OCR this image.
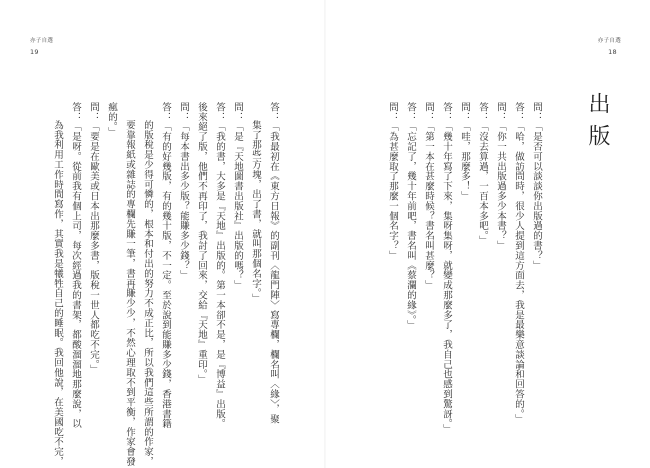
亦子自選
19
亦子自選
18
出版
問：「是否可以談談你出版過的書？」
答：「哈，做訪問時，很少人提到這方面去，我是最樂意談論和回答的。」
問：「你一共出版過多少本書？」
答：「沒去算過，一百本多吧。」
問：「哇，那麼多！」
答：「幾十年寫了下來，集呀集呀，就變成那麼多了，我自己也感到驚訝。」
問：「第一本在甚麼時候？書名叫甚麼？」
答：「忘記了，幾十年前吧，書名叫《蔡瀾的緣》。」
問：「為甚麼取了那麼一個名字？」
答：「我最初在《東方日報》的副刊〈龍門陣〉寫專欄，欄名叫〈緣〉，聚
集了那些方塊，出了書，就叫那個名字。」
問：「是『天地圖書出版社』出版的嗎？」
答：「我的書，大多是『天地』出版的。第一本卻不是，是『博益』出版。
後來絕了版，他們不再印了，我討了回來，交給『天地』重印。」
問：「每本書出多少版？能賺多少錢？」
答：「有的好幾版，有的幾十版，不一定。至於說到能賺多少錢，香港書籍
的版稅是少得可憐的，根本和付出的努力不成正比，所以我們這些所謂的作家，
要靠報紙或雜誌的專欄先賺一筆，書再賺少少，不然心理取不到平衡，作家會發
瘋的。」
問：「要是在歐美或日本出那麼多書，版稅一世人都吃不完。」
答：「是呀。從前我有個上司，每次經過我的書架，都酸溜溜地那麼說，以
為我利用工作時間寫作，其實我是犧牲自己的睡眠。我回他說，在美國吃不完，
